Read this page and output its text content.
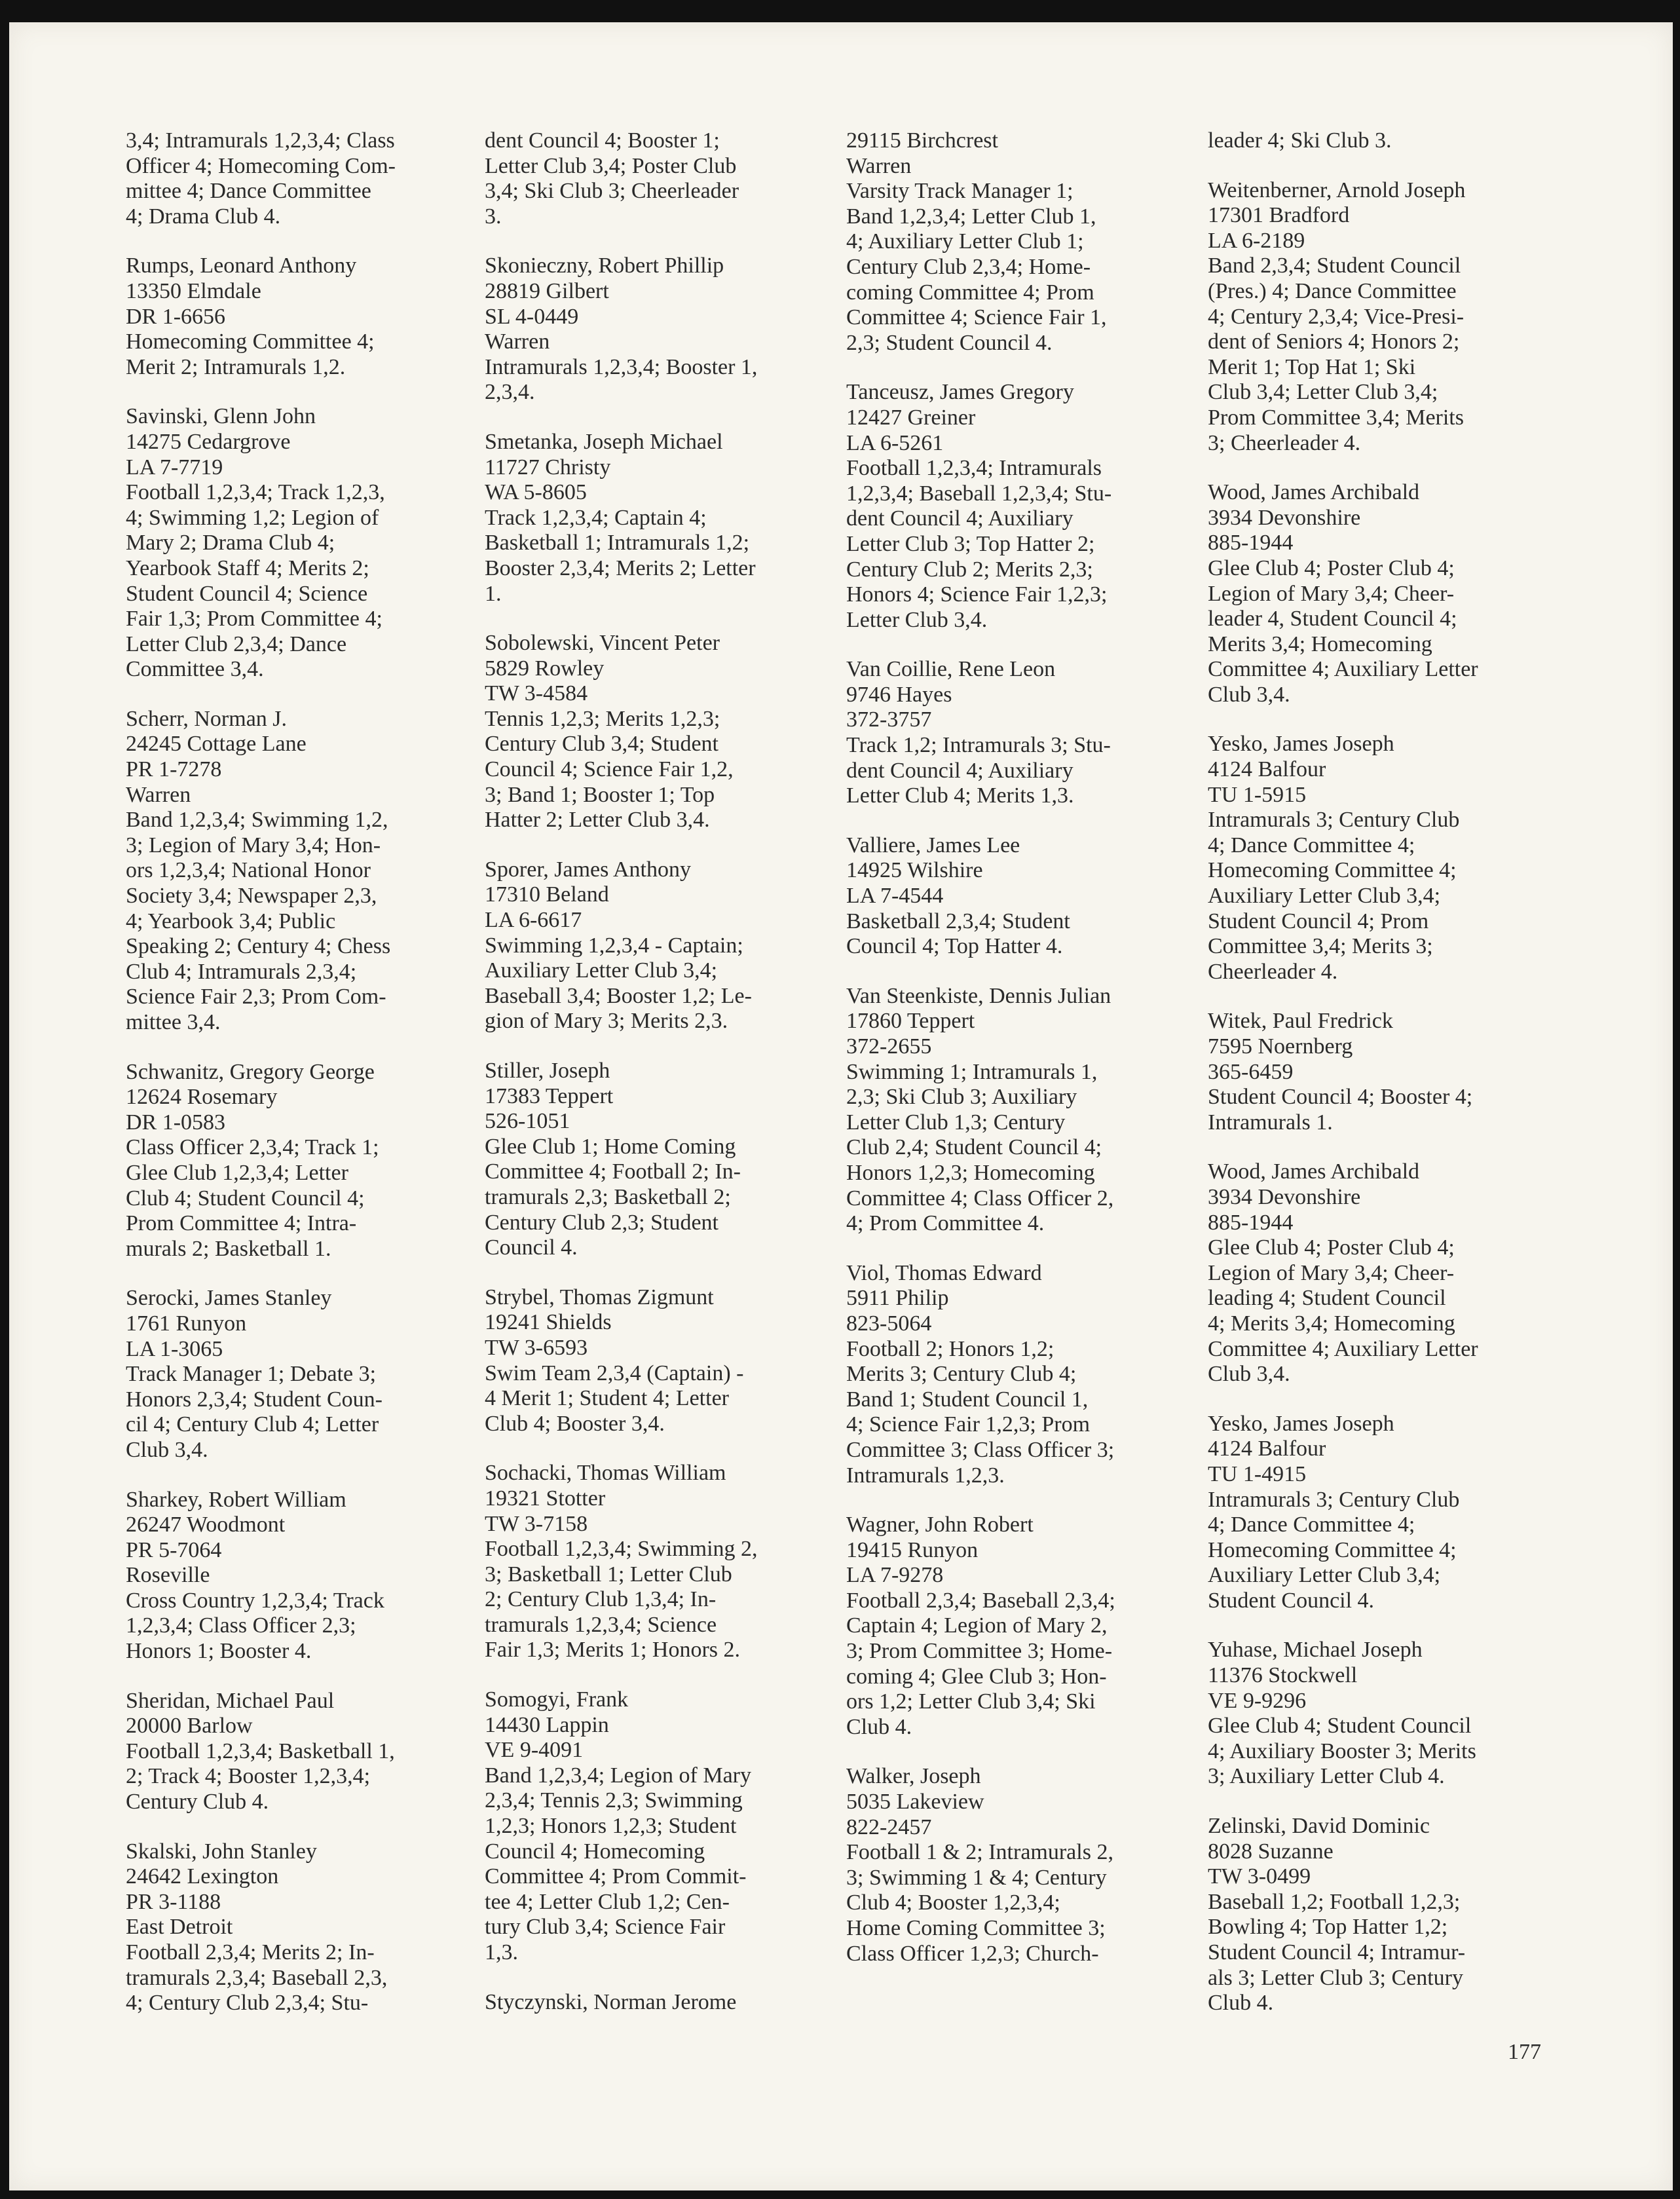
3,4; Intramurals 1,2,3,4; Class
Officer 4; Homecoming Com-
mittee 4; Dance Committee
4; Drama Club 4.

Rumps, Leonard Anthony
13350 Elmdale
DR 1-6656
Homecoming Committee 4;
Merit 2; Intramurals 1,2.

Savinski, Glenn John
14275 Cedargrove
LA 7-7719
Football 1,2,3,4; Track 1,2,3,
4; Swimming 1,2; Legion of
Mary 2; Drama Club 4;
Yearbook Staff 4; Merits 2;
Student Council 4; Science
Fair 1,3; Prom Committee 4;
Letter Club 2,3,4; Dance
Committee 3,4.

Scherr, Norman J.
24245 Cottage Lane
PR 1-7278
Warren
Band 1,2,3,4; Swimming 1,2,
3; Legion of Mary 3,4; Hon-
ors 1,2,3,4; National Honor
Society 3,4; Newspaper 2,3,
4; Yearbook 3,4; Public
Speaking 2; Century 4; Chess
Club 4; Intramurals 2,3,4;
Science Fair 2,3; Prom Com-
mittee 3,4.

Schwanitz, Gregory George
12624 Rosemary
DR 1-0583
Class Officer 2,3,4; Track 1;
Glee Club 1,2,3,4; Letter
Club 4; Student Council 4;
Prom Committee 4; Intra-
murals 2; Basketball 1.

Serocki, James Stanley
1761 Runyon
LA 1-3065
Track Manager 1; Debate 3;
Honors 2,3,4; Student Coun-
cil 4; Century Club 4; Letter
Club 3,4.

Sharkey, Robert William
26247 Woodmont
PR 5-7064
Roseville
Cross Country 1,2,3,4; Track
1,2,3,4; Class Officer 2,3;
Honors 1; Booster 4.

Sheridan, Michael Paul
20000 Barlow
Football 1,2,3,4; Basketball 1,
2; Track 4; Booster 1,2,3,4;
Century Club 4.

Skalski, John Stanley
24642 Lexington
PR 3-1188
East Detroit
Football 2,3,4; Merits 2; In-
tramurals 2,3,4; Baseball 2,3,
4; Century Club 2,3,4; Stu-

dent Council 4; Booster 1;
Letter Club 3,4; Poster Club
3,4; Ski Club 3; Cheerleader
3.

Skonieczny, Robert Phillip
28819 Gilbert
SL 4-0449
Warren
Intramurals 1,2,3,4; Booster 1,
2,3,4.

Smetanka, Joseph Michael
11727 Christy
WA 5-8605
Track 1,2,3,4; Captain 4;
Basketball 1; Intramurals 1,2;
Booster 2,3,4; Merits 2; Letter
1.

Sobolewski, Vincent Peter
5829 Rowley
TW 3-4584
Tennis 1,2,3; Merits 1,2,3;
Century Club 3,4; Student
Council 4; Science Fair 1,2,
3; Band 1; Booster 1; Top
Hatter 2; Letter Club 3,4.

Sporer, James Anthony
17310 Beland
LA 6-6617
Swimming 1,2,3,4 - Captain;
Auxiliary Letter Club 3,4;
Baseball 3,4; Booster 1,2; Le-
gion of Mary 3; Merits 2,3.

Stiller, Joseph
17383 Teppert
526-1051
Glee Club 1; Home Coming
Committee 4; Football 2; In-
tramurals 2,3; Basketball 2;
Century Club 2,3; Student
Council 4.

Strybel, Thomas Zigmunt
19241 Shields
TW 3-6593
Swim Team 2,3,4 (Captain) -
4 Merit 1; Student 4; Letter
Club 4; Booster 3,4.

Sochacki, Thomas William
19321 Stotter
TW 3-7158
Football 1,2,3,4; Swimming 2,
3; Basketball 1; Letter Club
2; Century Club 1,3,4; In-
tramurals 1,2,3,4; Science
Fair 1,3; Merits 1; Honors 2.

Somogyi, Frank
14430 Lappin
VE 9-4091
Band 1,2,3,4; Legion of Mary
2,3,4; Tennis 2,3; Swimming
1,2,3; Honors 1,2,3; Student
Council 4; Homecoming
Committee 4; Prom Commit-
tee 4; Letter Club 1,2; Cen-
tury Club 3,4; Science Fair
1,3.

Styczynski, Norman Jerome

29115 Birchcrest
Warren
Varsity Track Manager 1;
Band 1,2,3,4; Letter Club 1,
4; Auxiliary Letter Club 1;
Century Club 2,3,4; Home-
coming Committee 4; Prom
Committee 4; Science Fair 1,
2,3; Student Council 4.

Tanceusz, James Gregory
12427 Greiner
LA 6-5261
Football 1,2,3,4; Intramurals
1,2,3,4; Baseball 1,2,3,4; Stu-
dent Council 4; Auxiliary
Letter Club 3; Top Hatter 2;
Century Club 2; Merits 2,3;
Honors 4; Science Fair 1,2,3;
Letter Club 3,4.

Van Coillie, Rene Leon
9746 Hayes
372-3757
Track 1,2; Intramurals 3; Stu-
dent Council 4; Auxiliary
Letter Club 4; Merits 1,3.

Valliere, James Lee
14925 Wilshire
LA 7-4544
Basketball 2,3,4; Student
Council 4; Top Hatter 4.

Van Steenkiste, Dennis Julian
17860 Teppert
372-2655
Swimming 1; Intramurals 1,
2,3; Ski Club 3; Auxiliary
Letter Club 1,3; Century
Club 2,4; Student Council 4;
Honors 1,2,3; Homecoming
Committee 4; Class Officer 2,
4; Prom Committee 4.

Viol, Thomas Edward
5911 Philip
823-5064
Football 2; Honors 1,2;
Merits 3; Century Club 4;
Band 1; Student Council 1,
4; Science Fair 1,2,3; Prom
Committee 3; Class Officer 3;
Intramurals 1,2,3.

Wagner, John Robert
19415 Runyon
LA 7-9278
Football 2,3,4; Baseball 2,3,4;
Captain 4; Legion of Mary 2,
3; Prom Committee 3; Home-
coming 4; Glee Club 3; Hon-
ors 1,2; Letter Club 3,4; Ski
Club 4.

Walker, Joseph
5035 Lakeview
822-2457
Football 1 & 2; Intramurals 2,
3; Swimming 1 & 4; Century
Club 4; Booster 1,2,3,4;
Home Coming Committee 3;
Class Officer 1,2,3; Church-

leader 4; Ski Club 3.

Weitenberner, Arnold Joseph
17301 Bradford
LA 6-2189
Band 2,3,4; Student Council
(Pres.) 4; Dance Committee
4; Century 2,3,4; Vice-Presi-
dent of Seniors 4; Honors 2;
Merit 1; Top Hat 1; Ski
Club 3,4; Letter Club 3,4;
Prom Committee 3,4; Merits
3; Cheerleader 4.

Wood, James Archibald
3934 Devonshire
885-1944
Glee Club 4; Poster Club 4;
Legion of Mary 3,4; Cheer-
leader 4, Student Council 4;
Merits 3,4; Homecoming
Committee 4; Auxiliary Letter
Club 3,4.

Yesko, James Joseph
4124 Balfour
TU 1-5915
Intramurals 3; Century Club
4; Dance Committee 4;
Homecoming Committee 4;
Auxiliary Letter Club 3,4;
Student Council 4; Prom
Committee 3,4; Merits 3;
Cheerleader 4.

Witek, Paul Fredrick
7595 Noernberg
365-6459
Student Council 4; Booster 4;
Intramurals 1.

Wood, James Archibald
3934 Devonshire
885-1944
Glee Club 4; Poster Club 4;
Legion of Mary 3,4; Cheer-
leading 4; Student Council
4; Merits 3,4; Homecoming
Committee 4; Auxiliary Letter
Club 3,4.

Yesko, James Joseph
4124 Balfour
TU 1-4915
Intramurals 3; Century Club
4; Dance Committee 4;
Homecoming Committee 4;
Auxiliary Letter Club 3,4;
Student Council 4.

Yuhase, Michael Joseph
11376 Stockwell
VE 9-9296
Glee Club 4; Student Council
4; Auxiliary Booster 3; Merits
3; Auxiliary Letter Club 4.

Zelinski, David Dominic
8028 Suzanne
TW 3-0499
Baseball 1,2; Football 1,2,3;
Bowling 4; Top Hatter 1,2;
Student Council 4; Intramur-
als 3; Letter Club 3; Century
Club 4.

177
